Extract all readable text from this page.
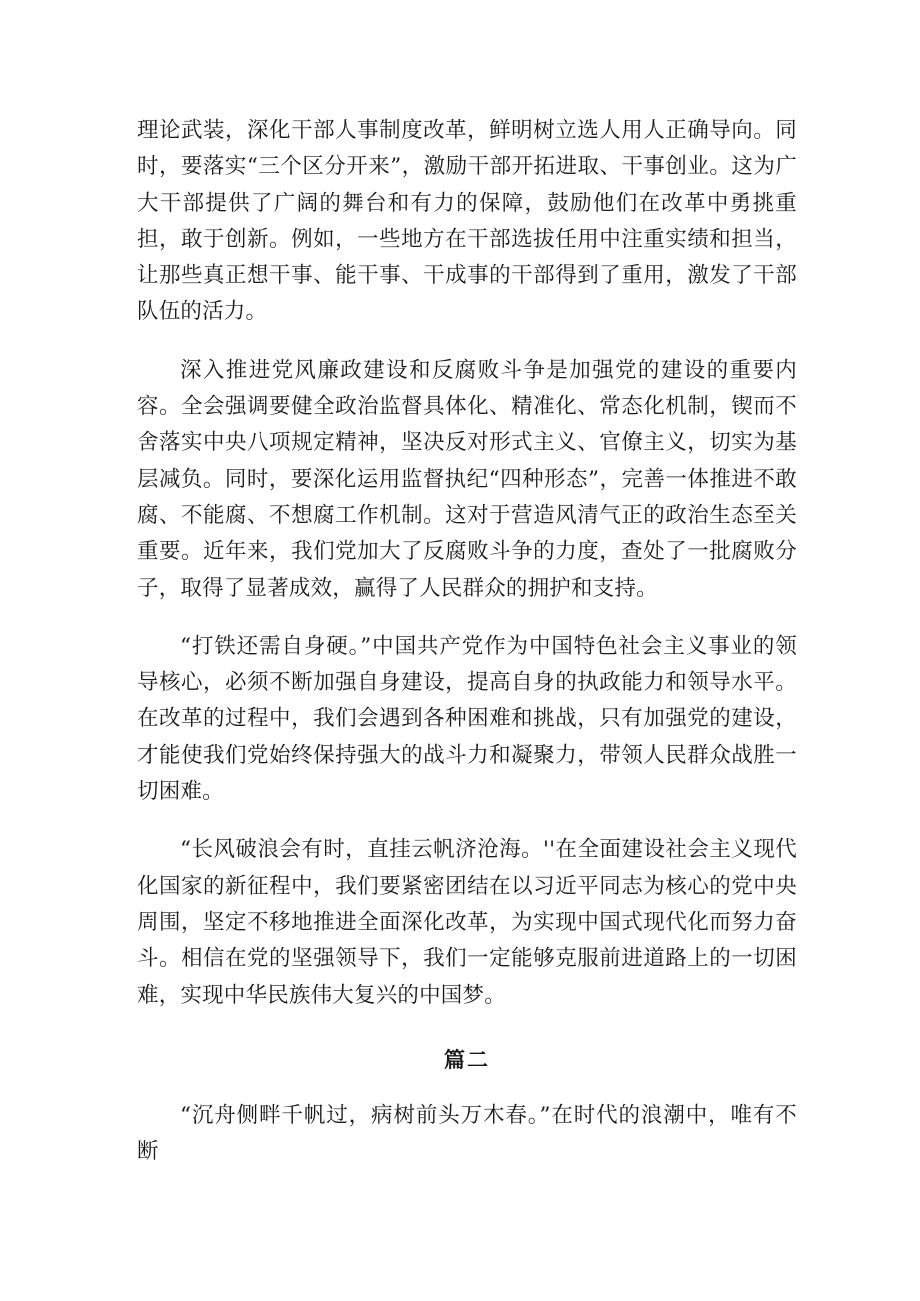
理论武装，深化干部人事制度改革，鲜明树立选人用人正确导向。同时，要落实“三个区分开来”，激励干部开拓进取、干事创业。这为广大干部提供了广阔的舞台和有力的保障，鼓励他们在改革中勇挑重担，敢于创新。例如，一些地方在干部选拔任用中注重实绩和担当，让那些真正想干事、能干事、干成事的干部得到了重用，激发了干部队伍的活力。

深入推进党风廉政建设和反腐败斗争是加强党的建设的重要内容。全会强调要健全政治监督具体化、精准化、常态化机制，锲而不舍落实中央八项规定精神，坚决反对形式主义、官僚主义，切实为基层减负。同时，要深化运用监督执纪“四种形态”，完善一体推进不敢腐、不能腐、不想腐工作机制。这对于营造风清气正的政治生态至关重要。近年来，我们党加大了反腐败斗争的力度，查处了一批腐败分子，取得了显著成效，赢得了人民群众的拥护和支持。

“打铁还需自身硬。”中国共产党作为中国特色社会主义事业的领导核心，必须不断加强自身建设，提高自身的执政能力和领导水平。在改革的过程中，我们会遇到各种困难和挑战，只有加强党的建设，才能使我们党始终保持强大的战斗力和凝聚力，带领人民群众战胜一切困难。

“长风破浪会有时，直挂云帆济沧海。''在全面建设社会主义现代化国家的新征程中，我们要紧密团结在以习近平同志为核心的党中央周围，坚定不移地推进全面深化改革，为实现中国式现代化而努力奋斗。相信在党的坚强领导下，我们一定能够克服前进道路上的一切困难，实现中华民族伟大复兴的中国梦。

篇二

“沉舟侧畔千帆过，病树前头万木春。”在时代的浪潮中，唯有不断
